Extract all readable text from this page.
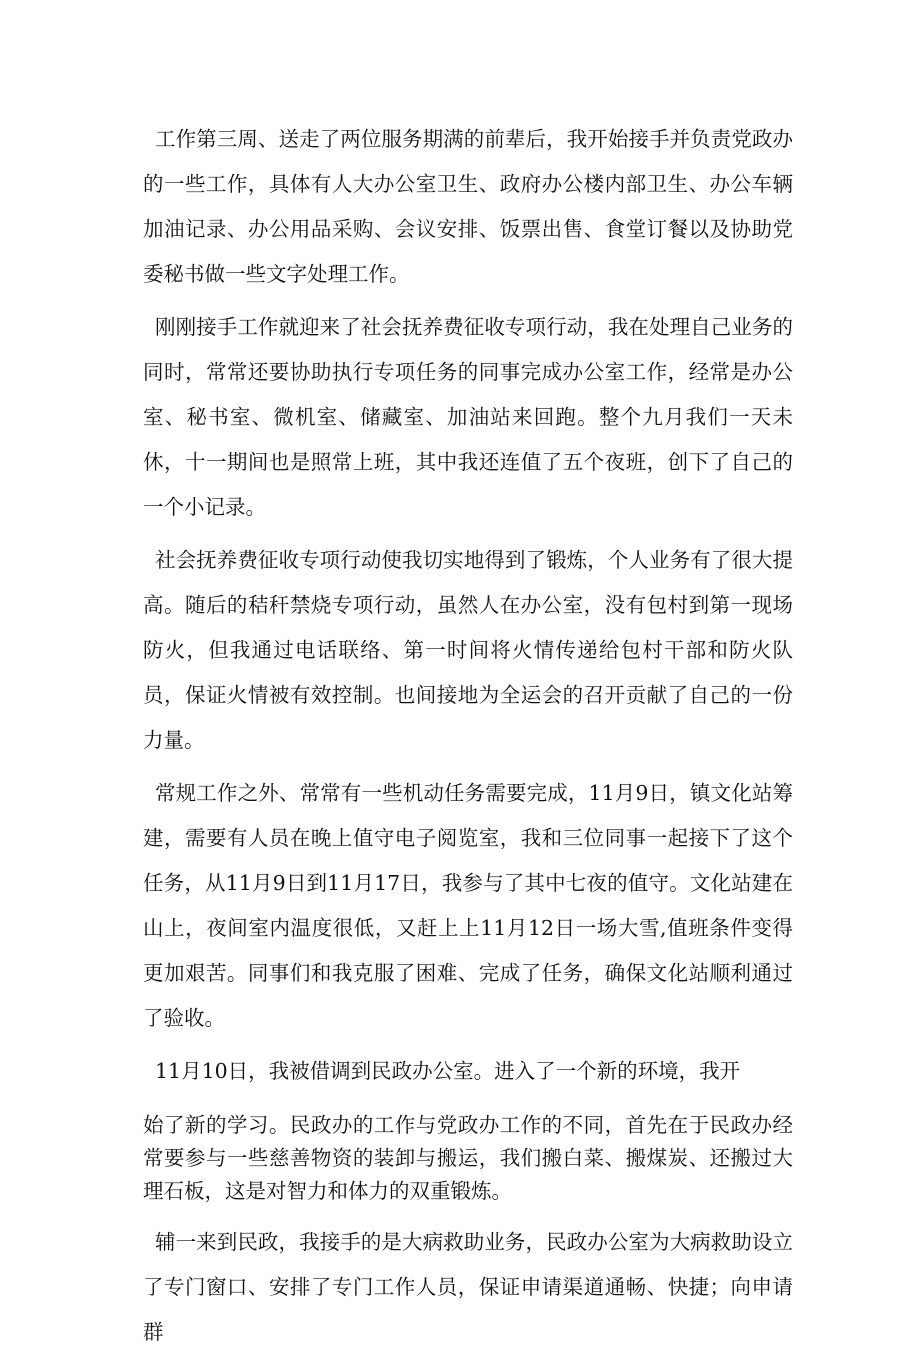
工作第三周、送走了两位服务期满的前辈后，我开始接手并负责党政办的一些工作，具体有人大办公室卫生、政府办公楼内部卫生、办公车辆加油记录、办公用品采购、会议安排、饭票出售、食堂订餐以及协助党委秘书做一些文字处理工作。

刚刚接手工作就迎来了社会抚养费征收专项行动，我在处理自己业务的同时，常常还要协助执行专项任务的同事完成办公室工作，经常是办公室、秘书室、微机室、储藏室、加油站来回跑。整个九月我们一天未休，十一期间也是照常上班，其中我还连值了五个夜班，创下了自己的一个小记录。

社会抚养费征收专项行动使我切实地得到了锻炼，个人业务有了很大提高。随后的秸秆禁烧专项行动，虽然人在办公室，没有包村到第一现场防火，但我通过电话联络、第一时间将火情传递给包村干部和防火队员，保证火情被有效控制。也间接地为全运会的召开贡献了自己的一份力量。

常规工作之外、常常有一些机动任务需要完成，11月9日，镇文化站筹建，需要有人员在晚上值守电子阅览室，我和三位同事一起接下了这个任务，从11月9日到11月17日，我参与了其中七夜的值守。文化站建在山上，夜间室内温度很低，又赶上上11月12日一场大雪,值班条件变得更加艰苦。同事们和我克服了困难、完成了任务，确保文化站顺利通过了验收。

11月10日，我被借调到民政办公室。进入了一个新的环境，我开

始了新的学习。民政办的工作与党政办工作的不同，首先在于民政办经常要参与一些慈善物资的装卸与搬运，我们搬白菜、搬煤炭、还搬过大理石板，这是对智力和体力的双重锻炼。

辅一来到民政，我接手的是大病救助业务，民政办公室为大病救助设立了专门窗口、安排了专门工作人员，保证申请渠道通畅、快捷；向申请群
